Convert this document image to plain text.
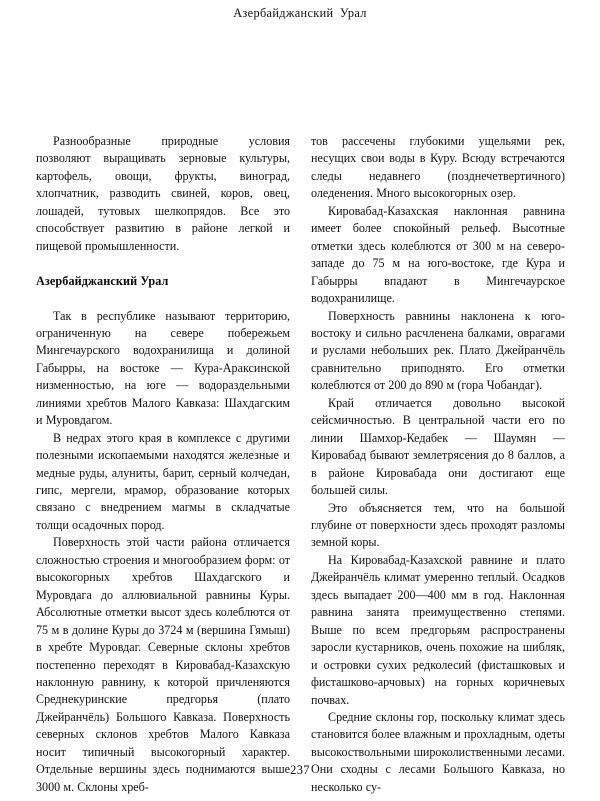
Азербайджанский Урал

Разнообразные природные условия позволяют выращивать зерновые культуры, картофель, овощи, фрукты, виноград, хлопчатник, разводить свиней, коров, овец, лошадей, тутовых шелкопрядов. Все это способствует развитию в районе легкой и пищевой промышленности.

Азербайджанский Урал

Так в республике называют территорию, ограниченную на севере побережьем Мингечаурского водохранилища и долиной Габырры, на востоке — Кура-Араксинской низменностью, на юге — водораздельными линиями хребтов Малого Кавказа: Шахдагским и Муровдагом.

В недрах этого края в комплексе с другими полезными ископаемыми находятся железные и медные руды, алуниты, барит, серный колчедан, гипс, мергели, мрамор, образование которых связано с внедрением магмы в складчатые толщи осадочных пород.

Поверхность этой части района отличается сложностью строения и многообразием форм: от высокогорных хребтов Шахдагского и Муровдага до аллювиальной равнины Куры. Абсолютные отметки высот здесь колеблются от 75 м в долине Куры до 3724 м (вершина Гямыш) в хребте Муровдаг. Северные склоны хребтов постепенно переходят в Кировабад-Казахскую наклонную равнину, к которой причленяются Среднекуринские предгорья (плато Джейранчёль) Большого Кавказа. Поверхность северных склонов хребтов Малого Кавказа носит типичный высокогорный характер. Отдельные вершины здесь поднимаются выше 3000 м. Склоны хреб-

тов рассечены глубокими ущельями рек, несущих свои воды в Куру. Всюду встречаются следы недавнего (позднечетвертичного) оледенения. Много высокогорных озер.

Кировабад-Казахская наклонная равнина имеет более спокойный рельеф. Высотные отметки здесь колеблются от 300 м на северо-западе до 75 м на юго-востоке, где Кура и Габырры впадают в Мингечаурское водохранилище.

Поверхность равнины наклонена к юго-востоку и сильно расчленена балками, оврагами и руслами небольших рек. Плато Джейранчёль сравнительно приподнято. Его отметки колеблются от 200 до 890 м (гора Чобандаг).

Край отличается довольно высокой сейсмичностью. В центральной части его по линии Шамхор-Кедабек — Шаумян — Кировабад бывают землетрясения до 8 баллов, а в районе Кировабада они достигают еще большей силы.

Это объясняется тем, что на большой глубине от поверхности здесь проходят разломы земной коры.

На Кировабад-Казахской равнине и плато Джейранчёль климат умеренно теплый. Осадков здесь выпадает 200—400 мм в год. Наклонная равнина занята преимущественно степями. Выше по всем предгорьям распространены заросли кустарников, очень похожие на шибляк, и островки сухих редколесий (фисташковых и фисташково-арчовых) на горных коричневых почвах.

Средние склоны гор, поскольку климат здесь становится более влажным и прохладным, одеты высокоствольными широколиственными лесами. Они сходны с лесами Большого Кавказа, но несколько су-

237
